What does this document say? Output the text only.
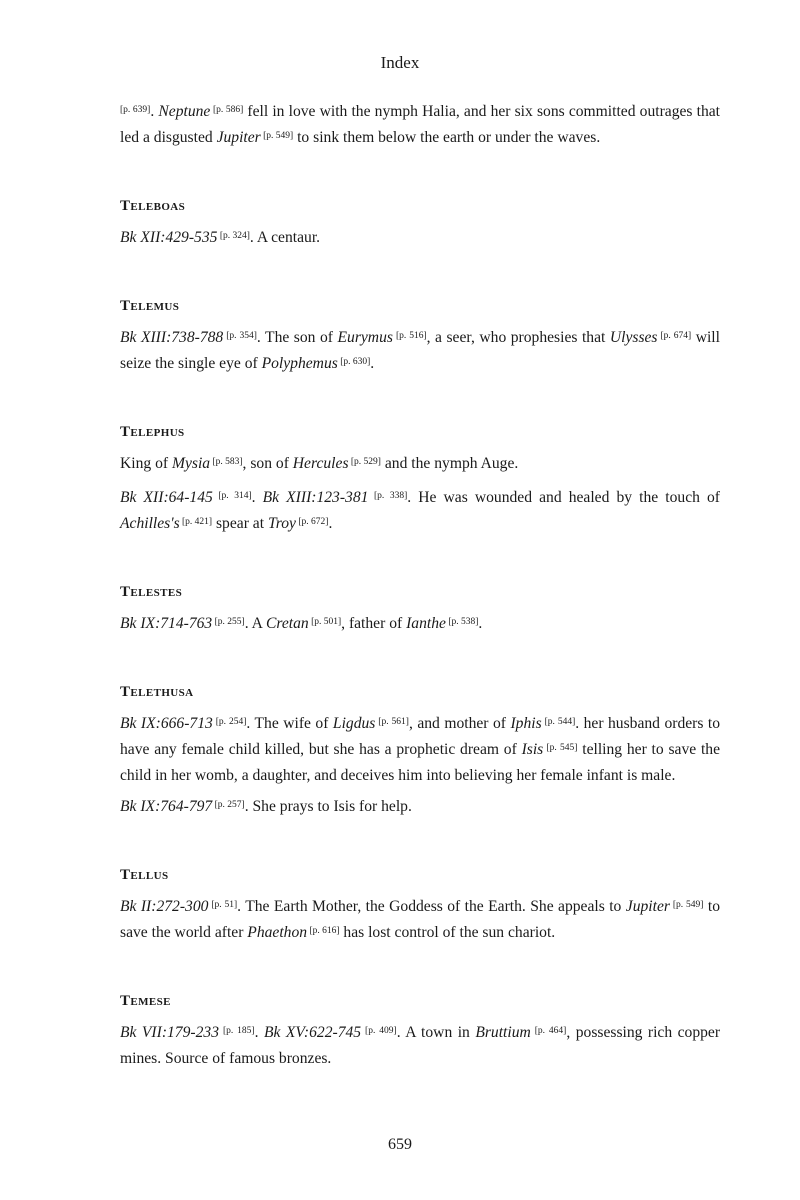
Index

[p. 639]. Neptune [p. 586] fell in love with the nymph Halia, and her six sons committed outrages that led a disgusted Jupiter [p. 549] to sink them below the earth or under the waves.

Teleboas

Bk XII:429-535 [p. 324]. A centaur.

Telemus

Bk XIII:738-788 [p. 354]. The son of Eurymus [p. 516], a seer, who prophesies that Ulysses [p. 674] will seize the single eye of Polyphemus [p. 630].

Telephus

King of Mysia [p. 583], son of Hercules [p. 529] and the nymph Auge.

Bk XII:64-145 [p. 314]. Bk XIII:123-381 [p. 338]. He was wounded and healed by the touch of Achilles's [p. 421] spear at Troy [p. 672].

Telestes

Bk IX:714-763 [p. 255]. A Cretan [p. 501], father of Ianthe [p. 538].

Telethusa

Bk IX:666-713 [p. 254]. The wife of Ligdus [p. 561], and mother of Iphis [p. 544]. her husband orders to have any female child killed, but she has a prophetic dream of Isis [p. 545] telling her to save the child in her womb, a daughter, and deceives him into believing her female infant is male.

Bk IX:764-797 [p. 257]. She prays to Isis for help.

Tellus

Bk II:272-300 [p. 51]. The Earth Mother, the Goddess of the Earth. She appeals to Jupiter [p. 549] to save the world after Phaethon [p. 616] has lost control of the sun chariot.

Temese

Bk VII:179-233 [p. 185]. Bk XV:622-745 [p. 409]. A town in Bruttium [p. 464], possessing rich copper mines. Source of famous bronzes.

659
